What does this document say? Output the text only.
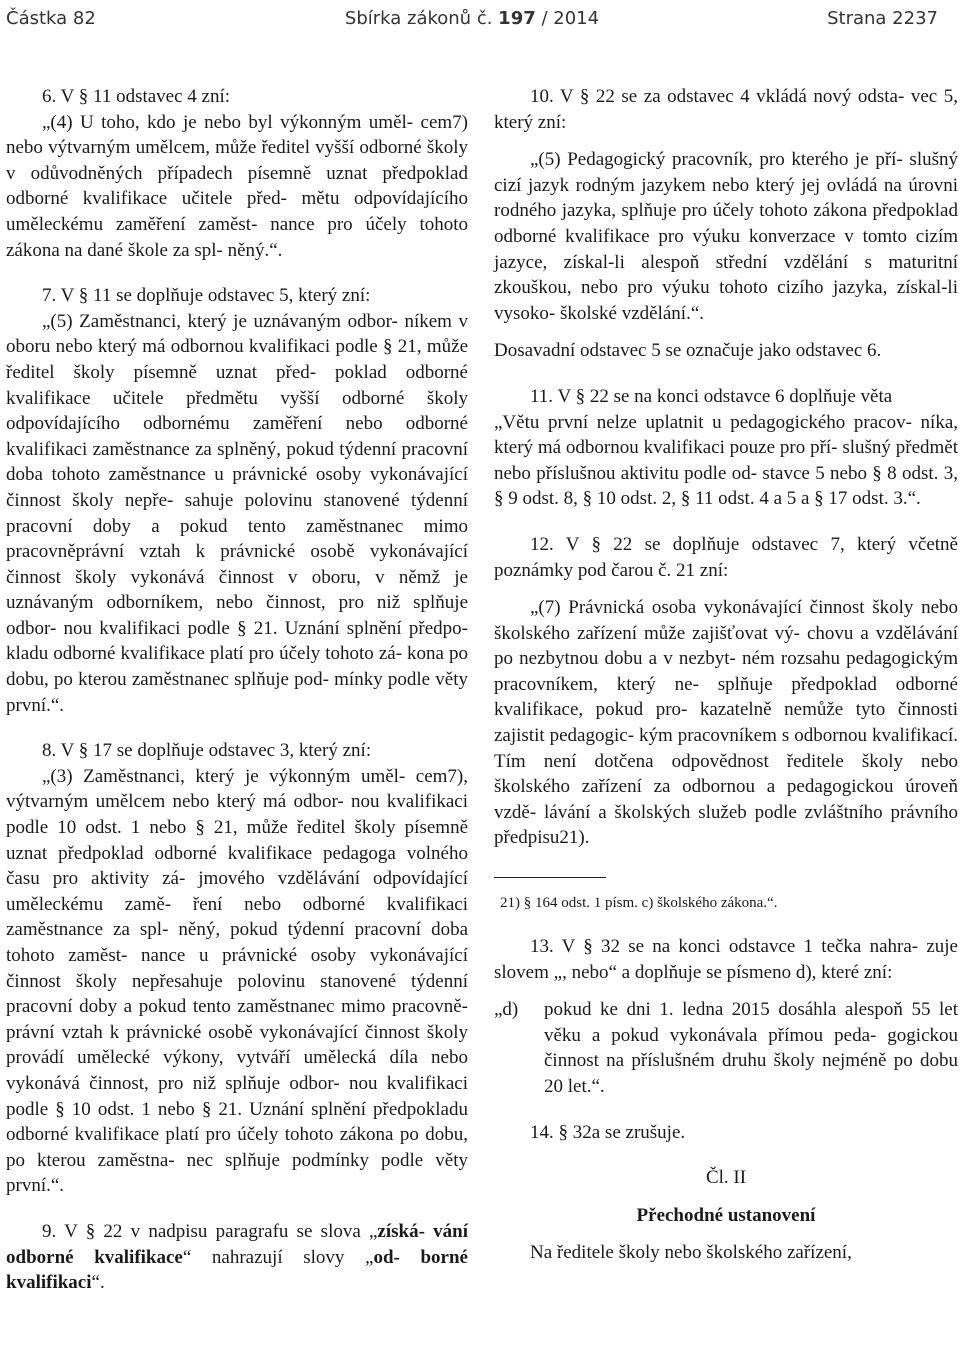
Částka 82	Sbírka zákonů č. 197 / 2014	Strana 2237

6. V § 11 odstavec 4 zní:

„(4) U toho, kdo je nebo byl výkonným uměl- cem7) nebo výtvarným umělcem, může ředitel vyšší odborné školy v odůvodněných případech písemně uznat předpoklad odborné kvalifikace učitele před- mětu odpovídajícího uměleckému zaměření zaměst- nance pro účely tohoto zákona na dané škole za spl- něný.“.

7. V § 11 se doplňuje odstavec 5, který zní:

„(5) Zaměstnanci, který je uznávaným odbor- níkem v oboru nebo který má odbornou kvalifikaci podle § 21, může ředitel školy písemně uznat před- poklad odborné kvalifikace učitele předmětu vyšší odborné školy odpovídajícího odbornému zaměření nebo odborné kvalifikaci zaměstnance za splněný, pokud týdenní pracovní doba tohoto zaměstnance u právnické osoby vykonávající činnost školy nepře- sahuje polovinu stanovené týdenní pracovní doby a pokud tento zaměstnanec mimo pracovněprávní vztah k právnické osobě vykonávající činnost školy vykonává činnost v oboru, v němž je uznávaným odborníkem, nebo činnost, pro niž splňuje odbor- nou kvalifikaci podle § 21. Uznání splnění předpo- kladu odborné kvalifikace platí pro účely tohoto zá- kona po dobu, po kterou zaměstnanec splňuje pod- mínky podle věty první.“.

8. V § 17 se doplňuje odstavec 3, který zní:

„(3) Zaměstnanci, který je výkonným uměl- cem7), výtvarným umělcem nebo který má odbor- nou kvalifikaci podle 10 odst. 1 nebo § 21, může ředitel školy písemně uznat předpoklad odborné kvalifikace pedagoga volného času pro aktivity zá- jmového vzdělávání odpovídající uměleckému zamě- ření nebo odborné kvalifikaci zaměstnance za spl- něný, pokud týdenní pracovní doba tohoto zaměst- nance u právnické osoby vykonávající činnost školy nepřesahuje polovinu stanovené týdenní pracovní doby a pokud tento zaměstnanec mimo pracovně- právní vztah k právnické osobě vykonávající činnost školy provádí umělecké výkony, vytváří umělecká díla nebo vykonává činnost, pro niž splňuje odbor- nou kvalifikaci podle § 10 odst. 1 nebo § 21. Uznání splnění předpokladu odborné kvalifikace platí pro účely tohoto zákona po dobu, po kterou zaměstna- nec splňuje podmínky podle věty první.“.

9. V § 22 v nadpisu paragrafu se slova „získá- vání odborné kvalifikace“ nahrazují slovy „od- borné kvalifikaci“.

10. V § 22 se za odstavec 4 vkládá nový odsta- vec 5, který zní:

„(5) Pedagogický pracovník, pro kterého je pří- slušný cizí jazyk rodným jazykem nebo který jej ovládá na úrovni rodného jazyka, splňuje pro účely tohoto zákona předpoklad odborné kvalifikace pro výuku konverzace v tomto cizím jazyce, získal-li alespoň střední vzdělání s maturitní zkouškou, nebo pro výuku tohoto cizího jazyka, získal-li vysoko- školské vzdělání.“.

Dosavadní odstavec 5 se označuje jako odstavec 6.

11. V § 22 se na konci odstavce 6 doplňuje věta

„Větu první nelze uplatnit u pedagogického pracov- níka, který má odbornou kvalifikaci pouze pro pří- slušný předmět nebo příslušnou aktivitu podle od- stavce 5 nebo § 8 odst. 3, § 9 odst. 8, § 10 odst. 2, § 11 odst. 4 a 5 a § 17 odst. 3.“.

12. V § 22 se doplňuje odstavec 7, který včetně poznámky pod čarou č. 21 zní:

„(7) Právnická osoba vykonávající činnost školy nebo školského zařízení může zajišťovat vý- chovu a vzdělávání po nezbytnou dobu a v nezbyt- ném rozsahu pedagogickým pracovníkem, který ne- splňuje předpoklad odborné kvalifikace, pokud pro- kazatelně nemůže tyto činnosti zajistit pedagogic- kým pracovníkem s odbornou kvalifikací. Tím není dotčena odpovědnost ředitele školy nebo školského zařízení za odbornou a pedagogickou úroveň vzdě- lávání a školských služeb podle zvláštního právního předpisu21).

21) § 164 odst. 1 písm. c) školského zákona.“.

13. V § 32 se na konci odstavce 1 tečka nahra- zuje slovem „, nebo“ a doplňuje se písmeno d), které zní:

„d)	pokud ke dni 1. ledna 2015 dosáhla alespoň 55 let věku a pokud vykonávala přímou peda- gogickou činnost na příslušném druhu školy nejméně po dobu 20 let.“.

14. § 32a se zrušuje.

Čl. II

Přechodné ustanovení

Na ředitele školy nebo školského zařízení,
